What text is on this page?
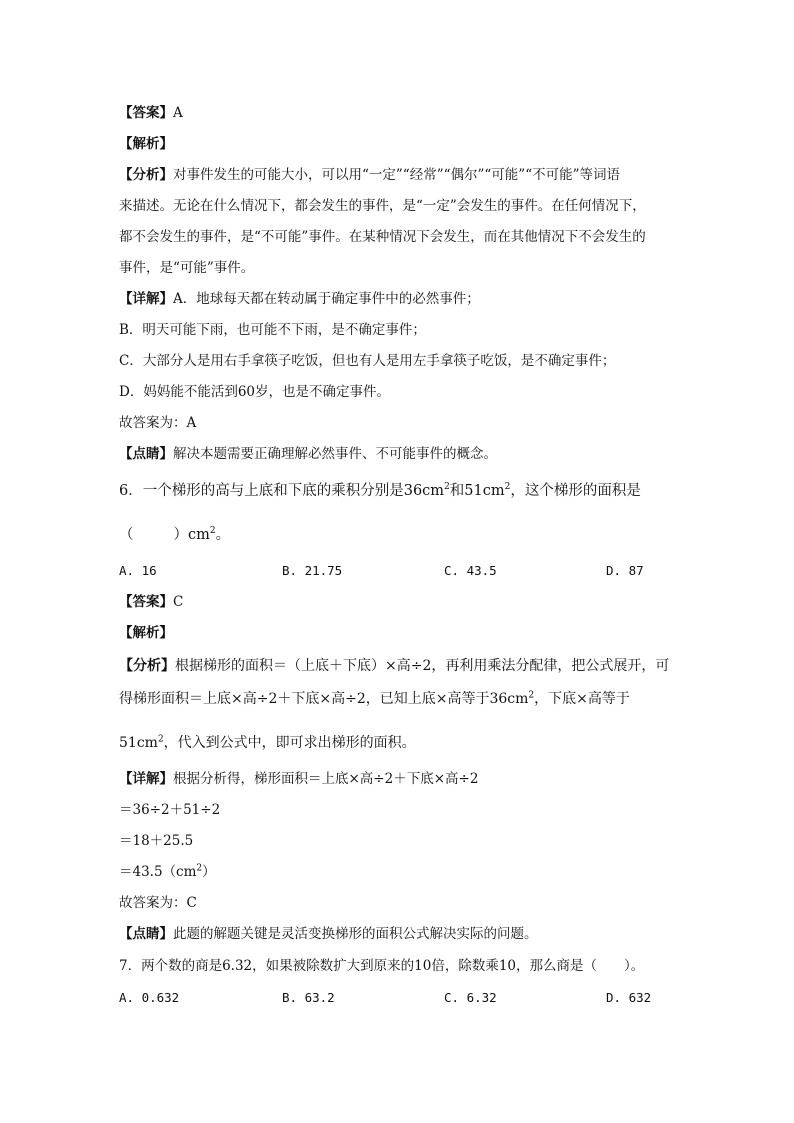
【答案】A
【解析】
【分析】对事件发生的可能大小，可以用“一定”“经常”“偶尔”“可能”“不可能”等词语
来描述。无论在什么情况下，都会发生的事件，是“一定”会发生的事件。在任何情况下，
都不会发生的事件，是“不可能”事件。在某种情况下会发生，而在其他情况下不会发生的
事件，是“可能”事件。
【详解】A．地球每天都在转动属于确定事件中的必然事件；
B．明天可能下雨，也可能不下雨，是不确定事件；
C．大部分人是用右手拿筷子吃饭，但也有人是用左手拿筷子吃饭，是不确定事件；
D．妈妈能不能活到60岁，也是不确定事件。
故答案为：A
【点睛】解决本题需要正确理解必然事件、不可能事件的概念。
6．一个梯形的高与上底和下底的乘积分别是$36cm^2$和$51cm^2$，这个梯形的面积是
（	）$cm^2$。
A. 16	B. 21.75	C. 43.5	D. 87
【答案】C
【解析】
【分析】根据梯形的面积＝（上底＋下底）×高÷2，再利用乘法分配律，把公式展开，可
得梯形面积＝上底×高÷2＋下底×高÷2，已知上底×高等于$36cm^2$，下底×高等于
$51cm^2$，代入到公式中，即可求出梯形的面积。
【详解】根据分析得，梯形面积＝上底×高÷2＋下底×高÷2
＝36÷2＋51÷2
＝18＋25.5
$=43.5(cm^2)$
故答案为：C
【点睛】此题的解题关键是灵活变换梯形的面积公式解决实际的问题。
7．两个数的商是6.32，如果被除数扩大到原来的10倍，除数乘10，那么商是（　　）。
A. 0.632	B. 63.2	C. 6.32	D. 632
